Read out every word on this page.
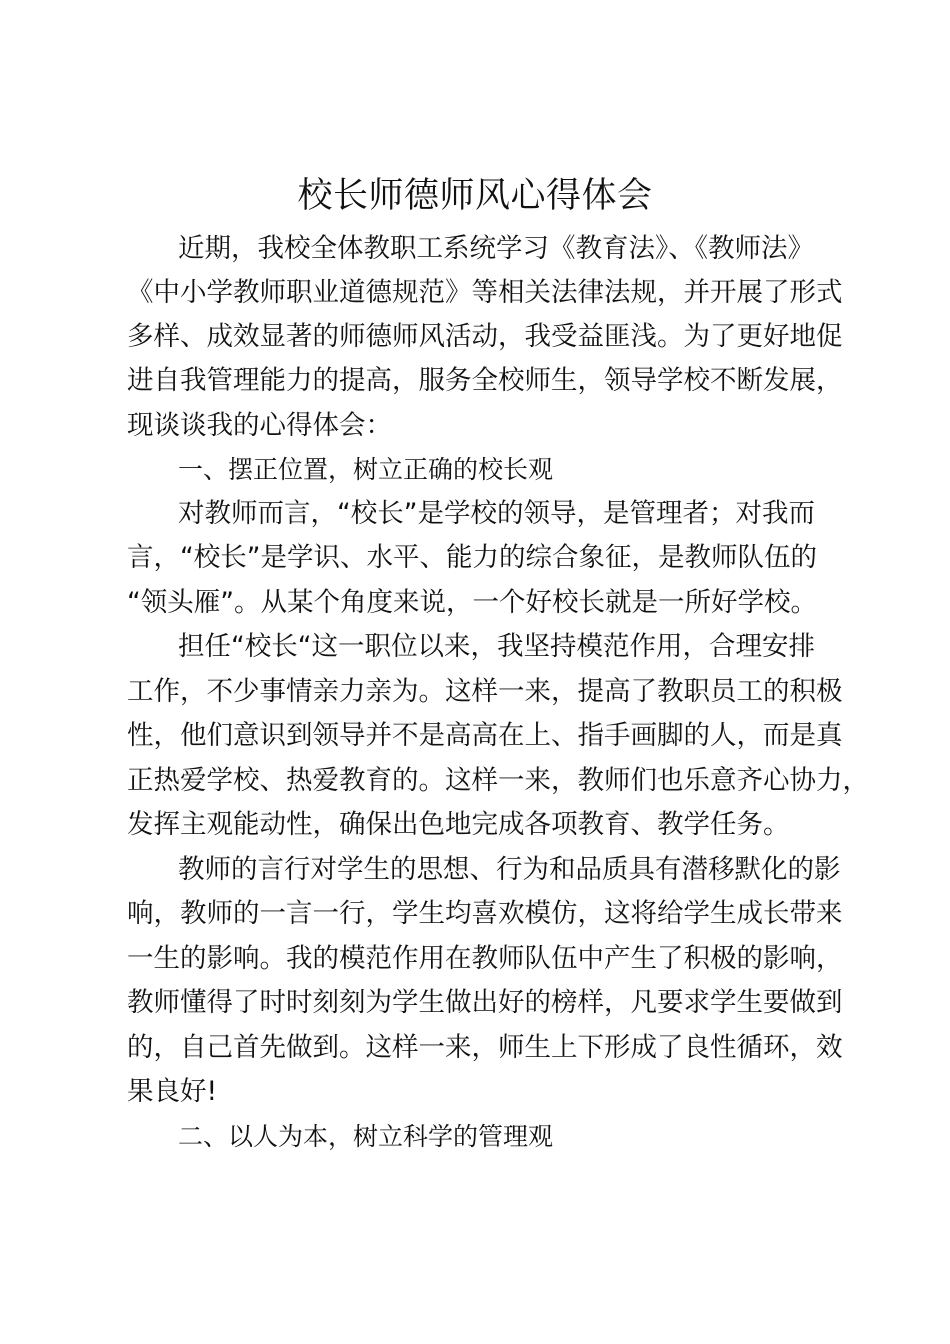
校长师德师风心得体会
近期，我校全体教职工系统学习《教育法》、《教师法》
《中小学教师职业道德规范》等相关法律法规，并开展了形式
多样、成效显著的师德师风活动，我受益匪浅。为了更好地促
进自我管理能力的提高，服务全校师生，领导学校不断发展，
现谈谈我的心得体会：
一、摆正位置，树立正确的校长观
对教师而言，“校长”是学校的领导，是管理者；对我而
言，“校长”是学识、水平、能力的综合象征，是教师队伍的
“领头雁”。从某个角度来说，一个好校长就是一所好学校。
担任“校长“这一职位以来，我坚持模范作用，合理安排
工作，不少事情亲力亲为。这样一来，提高了教职员工的积极
性，他们意识到领导并不是高高在上、指手画脚的人，而是真
正热爱学校、热爱教育的。这样一来，教师们也乐意齐心协力，
发挥主观能动性，确保出色地完成各项教育、教学任务。
教师的言行对学生的思想、行为和品质具有潜移默化的影
响，教师的一言一行，学生均喜欢模仿，这将给学生成长带来
一生的影响。我的模范作用在教师队伍中产生了积极的影响，
教师懂得了时时刻刻为学生做出好的榜样，凡要求学生要做到
的，自己首先做到。这样一来，师生上下形成了良性循环，效
果良好!
二、以人为本，树立科学的管理观
